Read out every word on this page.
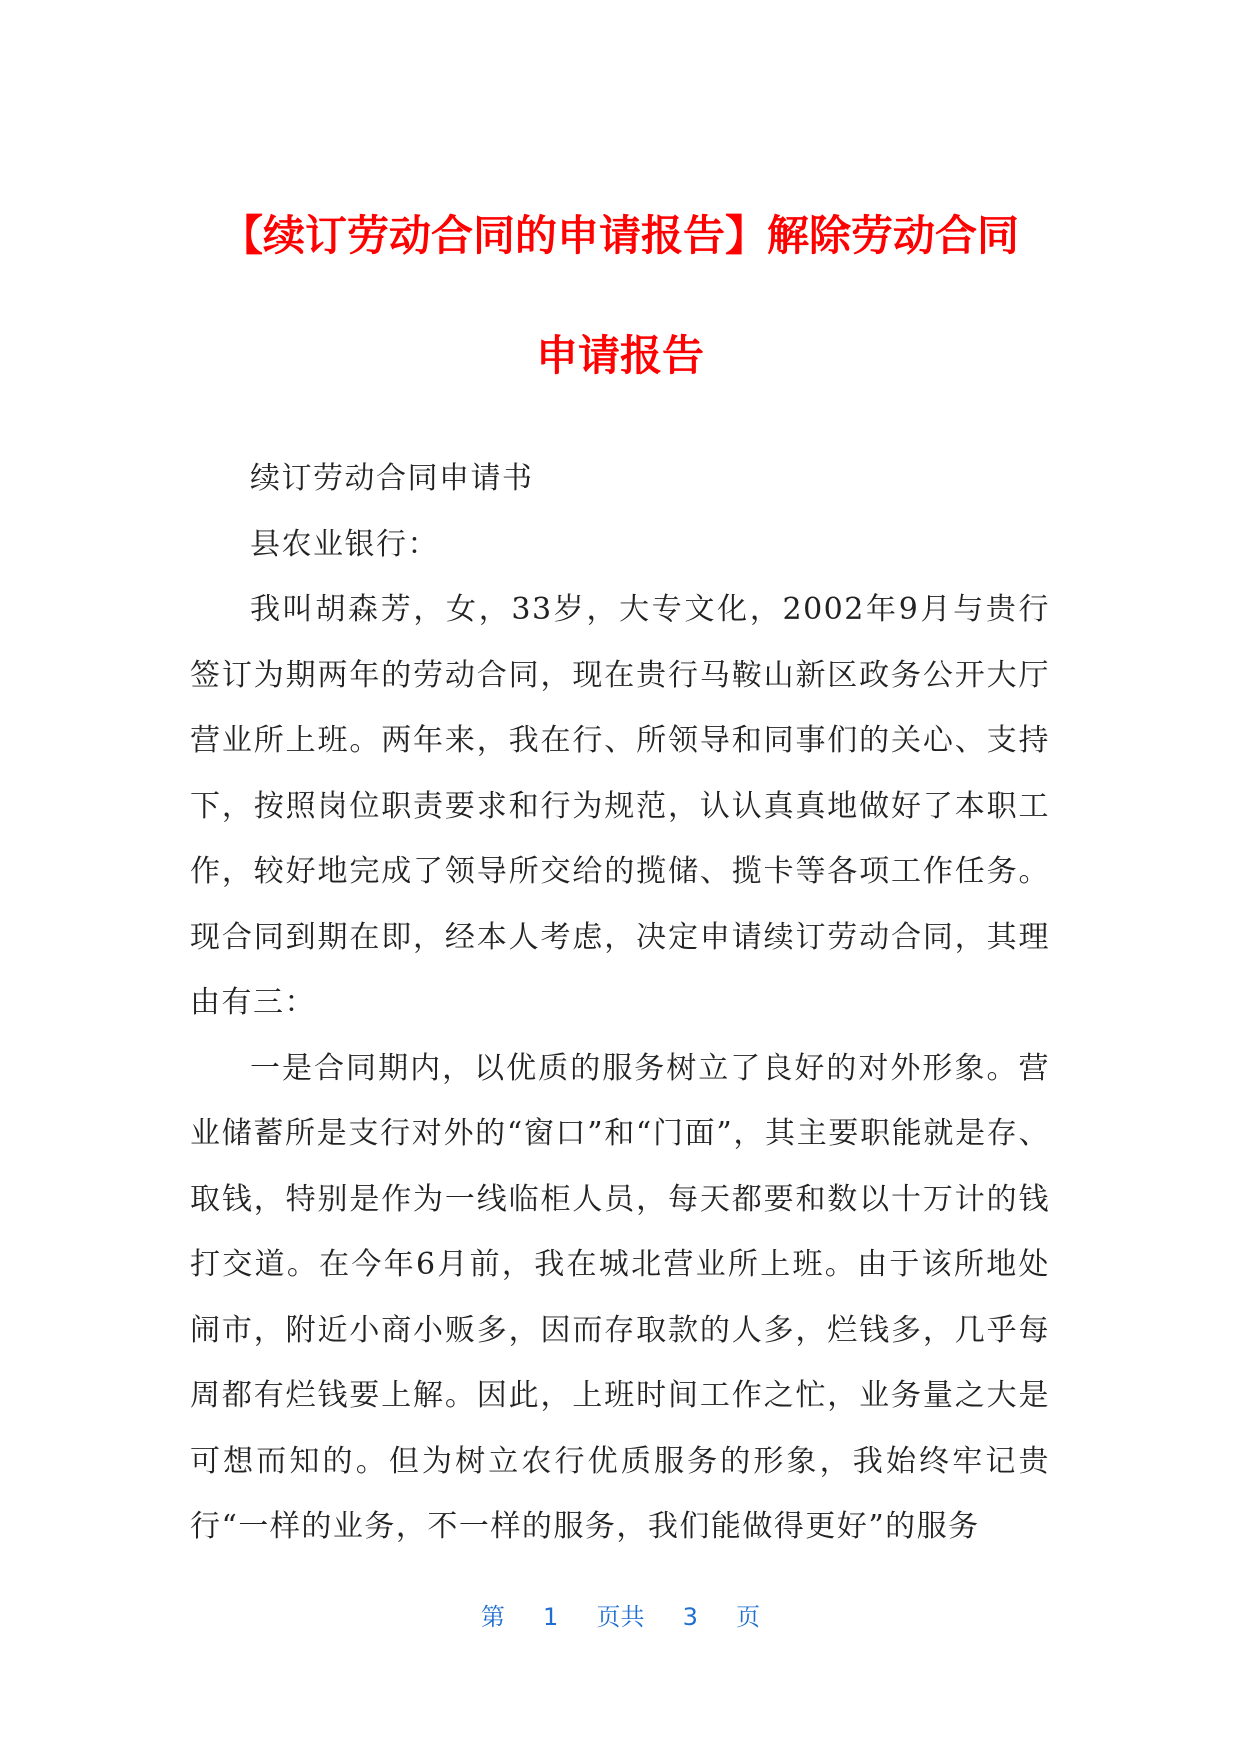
【续订劳动合同的申请报告】解除劳动合同
申请报告

续订劳动合同申请书

县农业银行：

我叫胡森芳，女，33岁，大专文化，2002年9月与贵行签订为期两年的劳动合同，现在贵行马鞍山新区政务公开大厅营业所上班。两年来，我在行、所领导和同事们的关心、支持下，按照岗位职责要求和行为规范，认认真真地做好了本职工作，较好地完成了领导所交给的揽储、揽卡等各项工作任务。现合同到期在即，经本人考虑，决定申请续订劳动合同，其理由有三：

一是合同期内，以优质的服务树立了良好的对外形象。营业储蓄所是支行对外的“窗口”和“门面”，其主要职能就是存、取钱，特别是作为一线临柜人员，每天都要和数以十万计的钱打交道。在今年6月前，我在城北营业所上班。由于该所地处闹市，附近小商小贩多，因而存取款的人多，烂钱多，几乎每周都有烂钱要上解。因此，上班时间工作之忙，业务量之大是可想而知的。但为树立农行优质服务的形象，我始终牢记贵行“一样的业务，不一样的服务，我们能做得更好”的服务

第 1 页共 3 页
